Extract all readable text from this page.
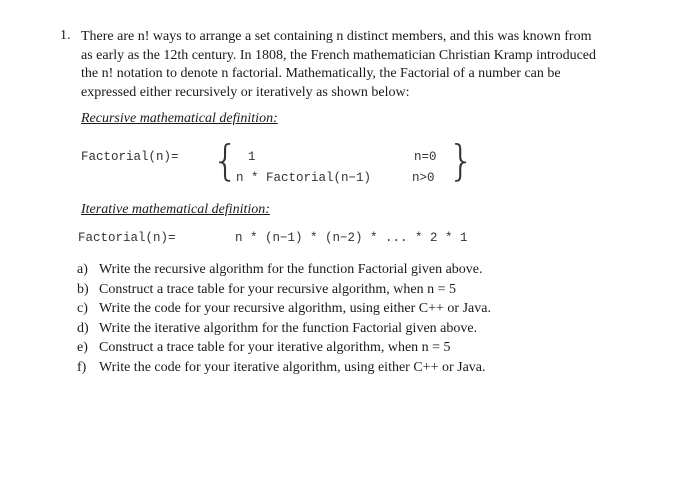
1. There are n! ways to arrange a set containing n distinct members, and this was known from
as early as the 12th century. In 1808, the French mathematician Christian Kramp introduced
the n! notation to denote n factorial. Mathematically, the Factorial of a number can be
expressed either recursively or iteratively as shown below:
Recursive mathematical definition:
Factorial(n)= { 1	n=0
n * Factorial(n−1)	n>0 }
Iterative mathematical definition:
Factorial(n)=	n * (n−1) * (n−2) * ... * 2 * 1
a) Write the recursive algorithm for the function Factorial given above.
b) Construct a trace table for your recursive algorithm, when n = 5
c) Write the code for your recursive algorithm, using either C++ or Java.
d) Write the iterative algorithm for the function Factorial given above.
e) Construct a trace table for your iterative algorithm, when n = 5
f) Write the code for your iterative algorithm, using either C++ or Java.
